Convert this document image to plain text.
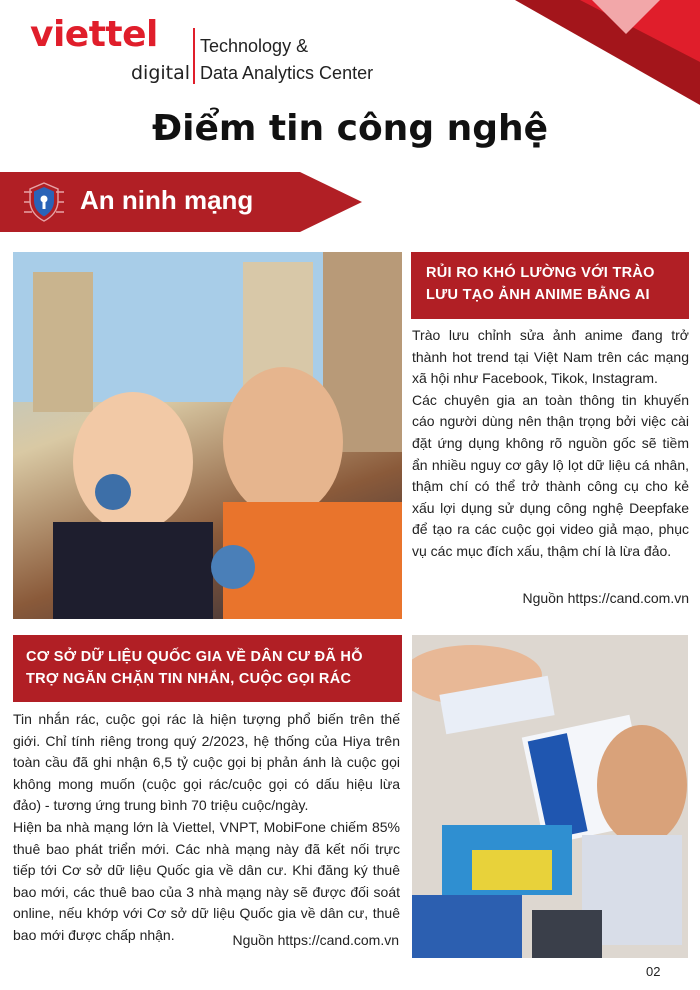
viettel
digital
Technology &
Data Analytics Center
Điểm tin công nghệ
An ninh mạng
RỦI RO KHÓ LƯỜNG VỚI TRÀO LƯU TẠO ẢNH ANIME BẰNG AI

Trào lưu chỉnh sửa ảnh anime đang trở thành hot trend tại Việt Nam trên các mạng xã hội như Facebook, Tikok, Instagram.

Các chuyên gia an toàn thông tin khuyến cáo người dùng nên thận trọng bởi việc cài đặt ứng dụng không rõ nguồn gốc sẽ tiềm ẩn nhiều nguy cơ gây lộ lọt dữ liệu cá nhân, thậm chí có thể trở thành công cụ cho kẻ xấu lợi dụng sử dụng công nghệ Deepfake để tạo ra các cuộc gọi video giả mạo, phục vụ các mục đích xấu, thậm chí là lừa đảo.

Nguồn https://cand.com.vn
CƠ SỞ DỮ LIỆU QUỐC GIA VỀ DÂN CƯ ĐÃ HỖ TRỢ NGĂN CHẶN TIN NHẮN, CUỘC GỌI RÁC

Tin nhắn rác, cuộc gọi rác là hiện tượng phổ biến trên thế giới. Chỉ tính riêng trong quý 2/2023, hệ thống của Hiya trên toàn cầu đã ghi nhận 6,5 tỷ cuộc gọi bị phản ánh là cuộc gọi không mong muốn (cuộc gọi rác/cuộc gọi có dấu hiệu lừa đảo) - tương ứng trung bình 70 triệu cuộc/ngày.

Hiện ba nhà mạng lớn là Viettel, VNPT, MobiFone chiếm 85% thuê bao phát triển mới. Các nhà mạng này đã kết nối trực tiếp tới Cơ sở dữ liệu Quốc gia về dân cư. Khi đăng ký thuê bao mới, các thuê bao của 3 nhà mạng này sẽ được đối soát online, nếu khớp với Cơ sở dữ liệu Quốc gia về dân cư, thuê bao mới được chấp nhận.	Nguồn https://cand.com.vn
02
